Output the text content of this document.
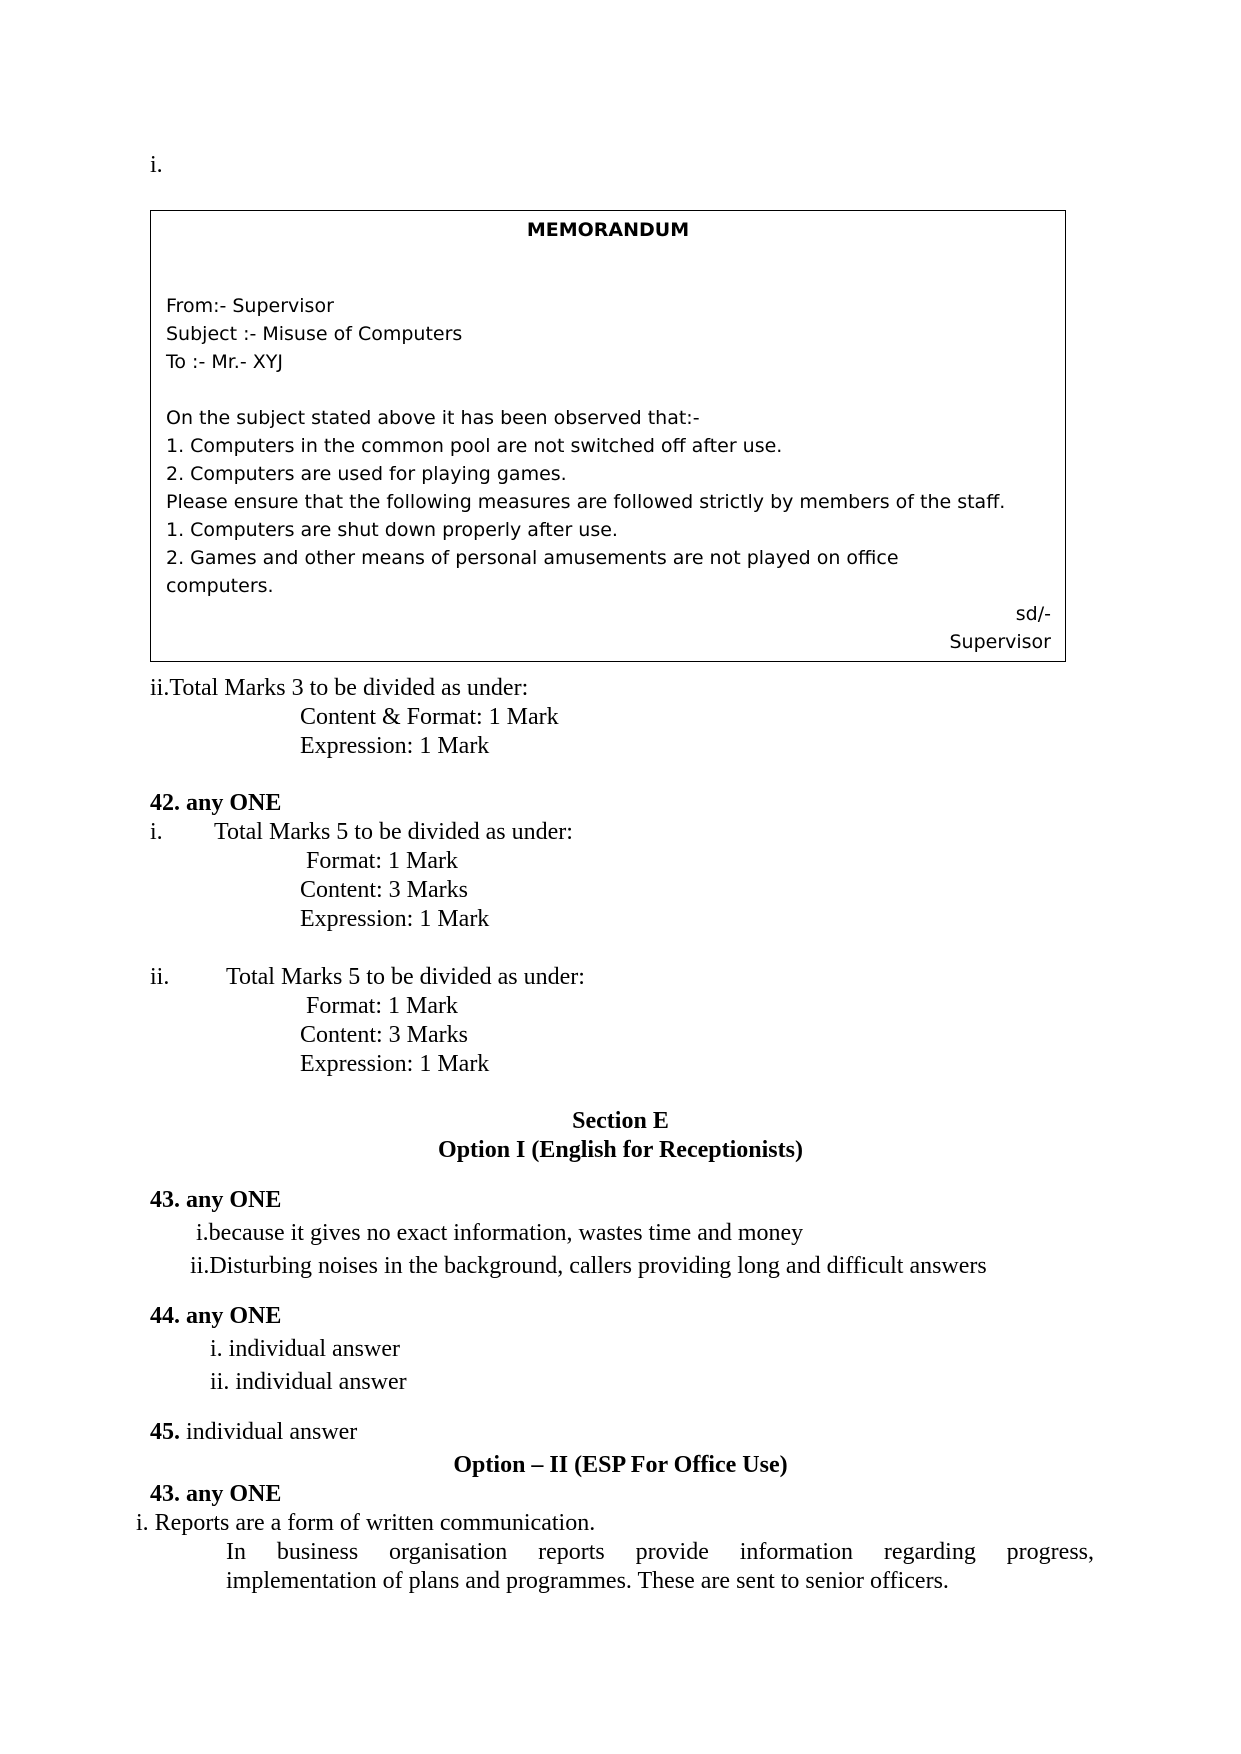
i.
MEMORANDUM
From:- Supervisor
Subject :- Misuse of Computers
To :- Mr.- XYJ
On the subject stated above it has been observed that:-
1. Computers in the common pool are not switched off after use.
2. Computers are used for playing games.
Please ensure that the following measures are followed strictly by members of the staff.
1. Computers are shut down properly after use.
2. Games and other means of personal amusements are not played on office
computers.
sd/-
Supervisor
ii.Total Marks 3 to be divided as under:
Content & Format: 1 Mark
Expression: 1 Mark
42. any ONE
i. Total Marks 5 to be divided as under:
Format: 1 Mark
Content: 3 Marks
Expression: 1 Mark
ii. Total Marks 5 to be divided as under:
Format: 1 Mark
Content: 3 Marks
Expression: 1 Mark
Section E
Option I (English for Receptionists)
43. any ONE
i.because it gives no exact information, wastes time and money
ii.Disturbing noises in the background, callers providing long and difficult answers
44. any ONE
i. individual answer
ii. individual answer
45. individual answer
Option – II (ESP For Office Use)
43. any ONE
i. Reports are a form of written communication.
In business organisation reports provide information regarding progress,
implementation of plans and programmes. These are sent to senior officers.
